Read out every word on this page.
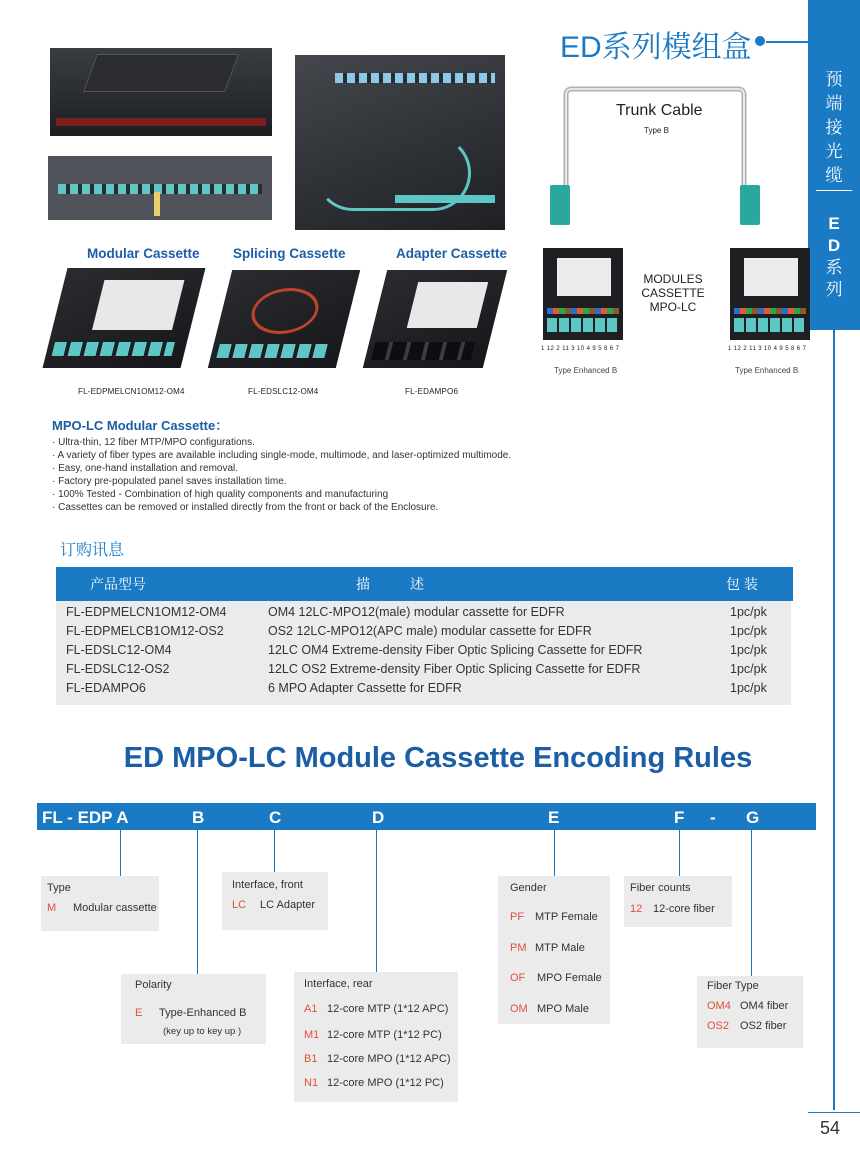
预
端
接
光
缆
E
D
系
列
54
ED系列模组盒
Modular Cassette Splicing Cassette	Adapter Cassette
FL-EDPMELCN1OM12-OM4	FL-EDSLC12-OM4	FL-EDAMPO6
Trunk Cable
Type B
1 12 2 11 3 10 4 9 5 8 6 7	1 12 2 11 3 10 4 9 5 8 6 7
MODULES
CASSETTE
MPO-LC
Type Enhanced B	Type Enhanced B
MPO-LC Modular Cassette：
· Ultra-thin, 12 fiber MTP/MPO configurations.
· A variety of fiber types are available including single-mode, multimode, and laser-optimized multimode.
· Easy, one-hand installation and removal.
· Factory pre-populated panel saves installation time.
· 100% Tested - Combination of high quality components and manufacturing
· Cassettes can be removed or installed directly from the front or back of the Enclosure.
订购讯息
产品型号	描	述	包 装
FL-EDPMELCN1OM12-OM4	OM4 12LC-MPO12(male) modular cassette for EDFR	1pc/pk
FL-EDPMELCB1OM12-OS2	OS2 12LC-MPO12(APC male) modular cassette for EDFR	1pc/pk
FL-EDSLC12-OM4	12LC OM4 Extreme-density Fiber Optic Splicing Cassette for EDFR	1pc/pk
FL-EDSLC12-OS2	12LC OS2 Extreme-density Fiber Optic Splicing Cassette for EDFR	1pc/pk
FL-EDAMPO6	6 MPO Adapter Cassette for EDFR	1pc/pk
ED MPO-LC Module Cassette Encoding Rules
FL - EDP A	B	C	D	E	F - G
Type
M Modular cassette
Polarity
E Type-Enhanced B
(key up to key up )
Interface, front
LC LC Adapter
Interface, rear
A1 12-core MTP (1*12 APC)
M1 12-core MTP (1*12 PC)
B1 12-core MPO (1*12 APC)
N1 12-core MPO (1*12 PC)
Gender
PF MTP Female
PM MTP Male
OF MPO Female
OM MPO Male
Fiber counts
12 12-core fiber
Fiber Type
OM4 OM4 fiber
OS2 OS2 fiber
